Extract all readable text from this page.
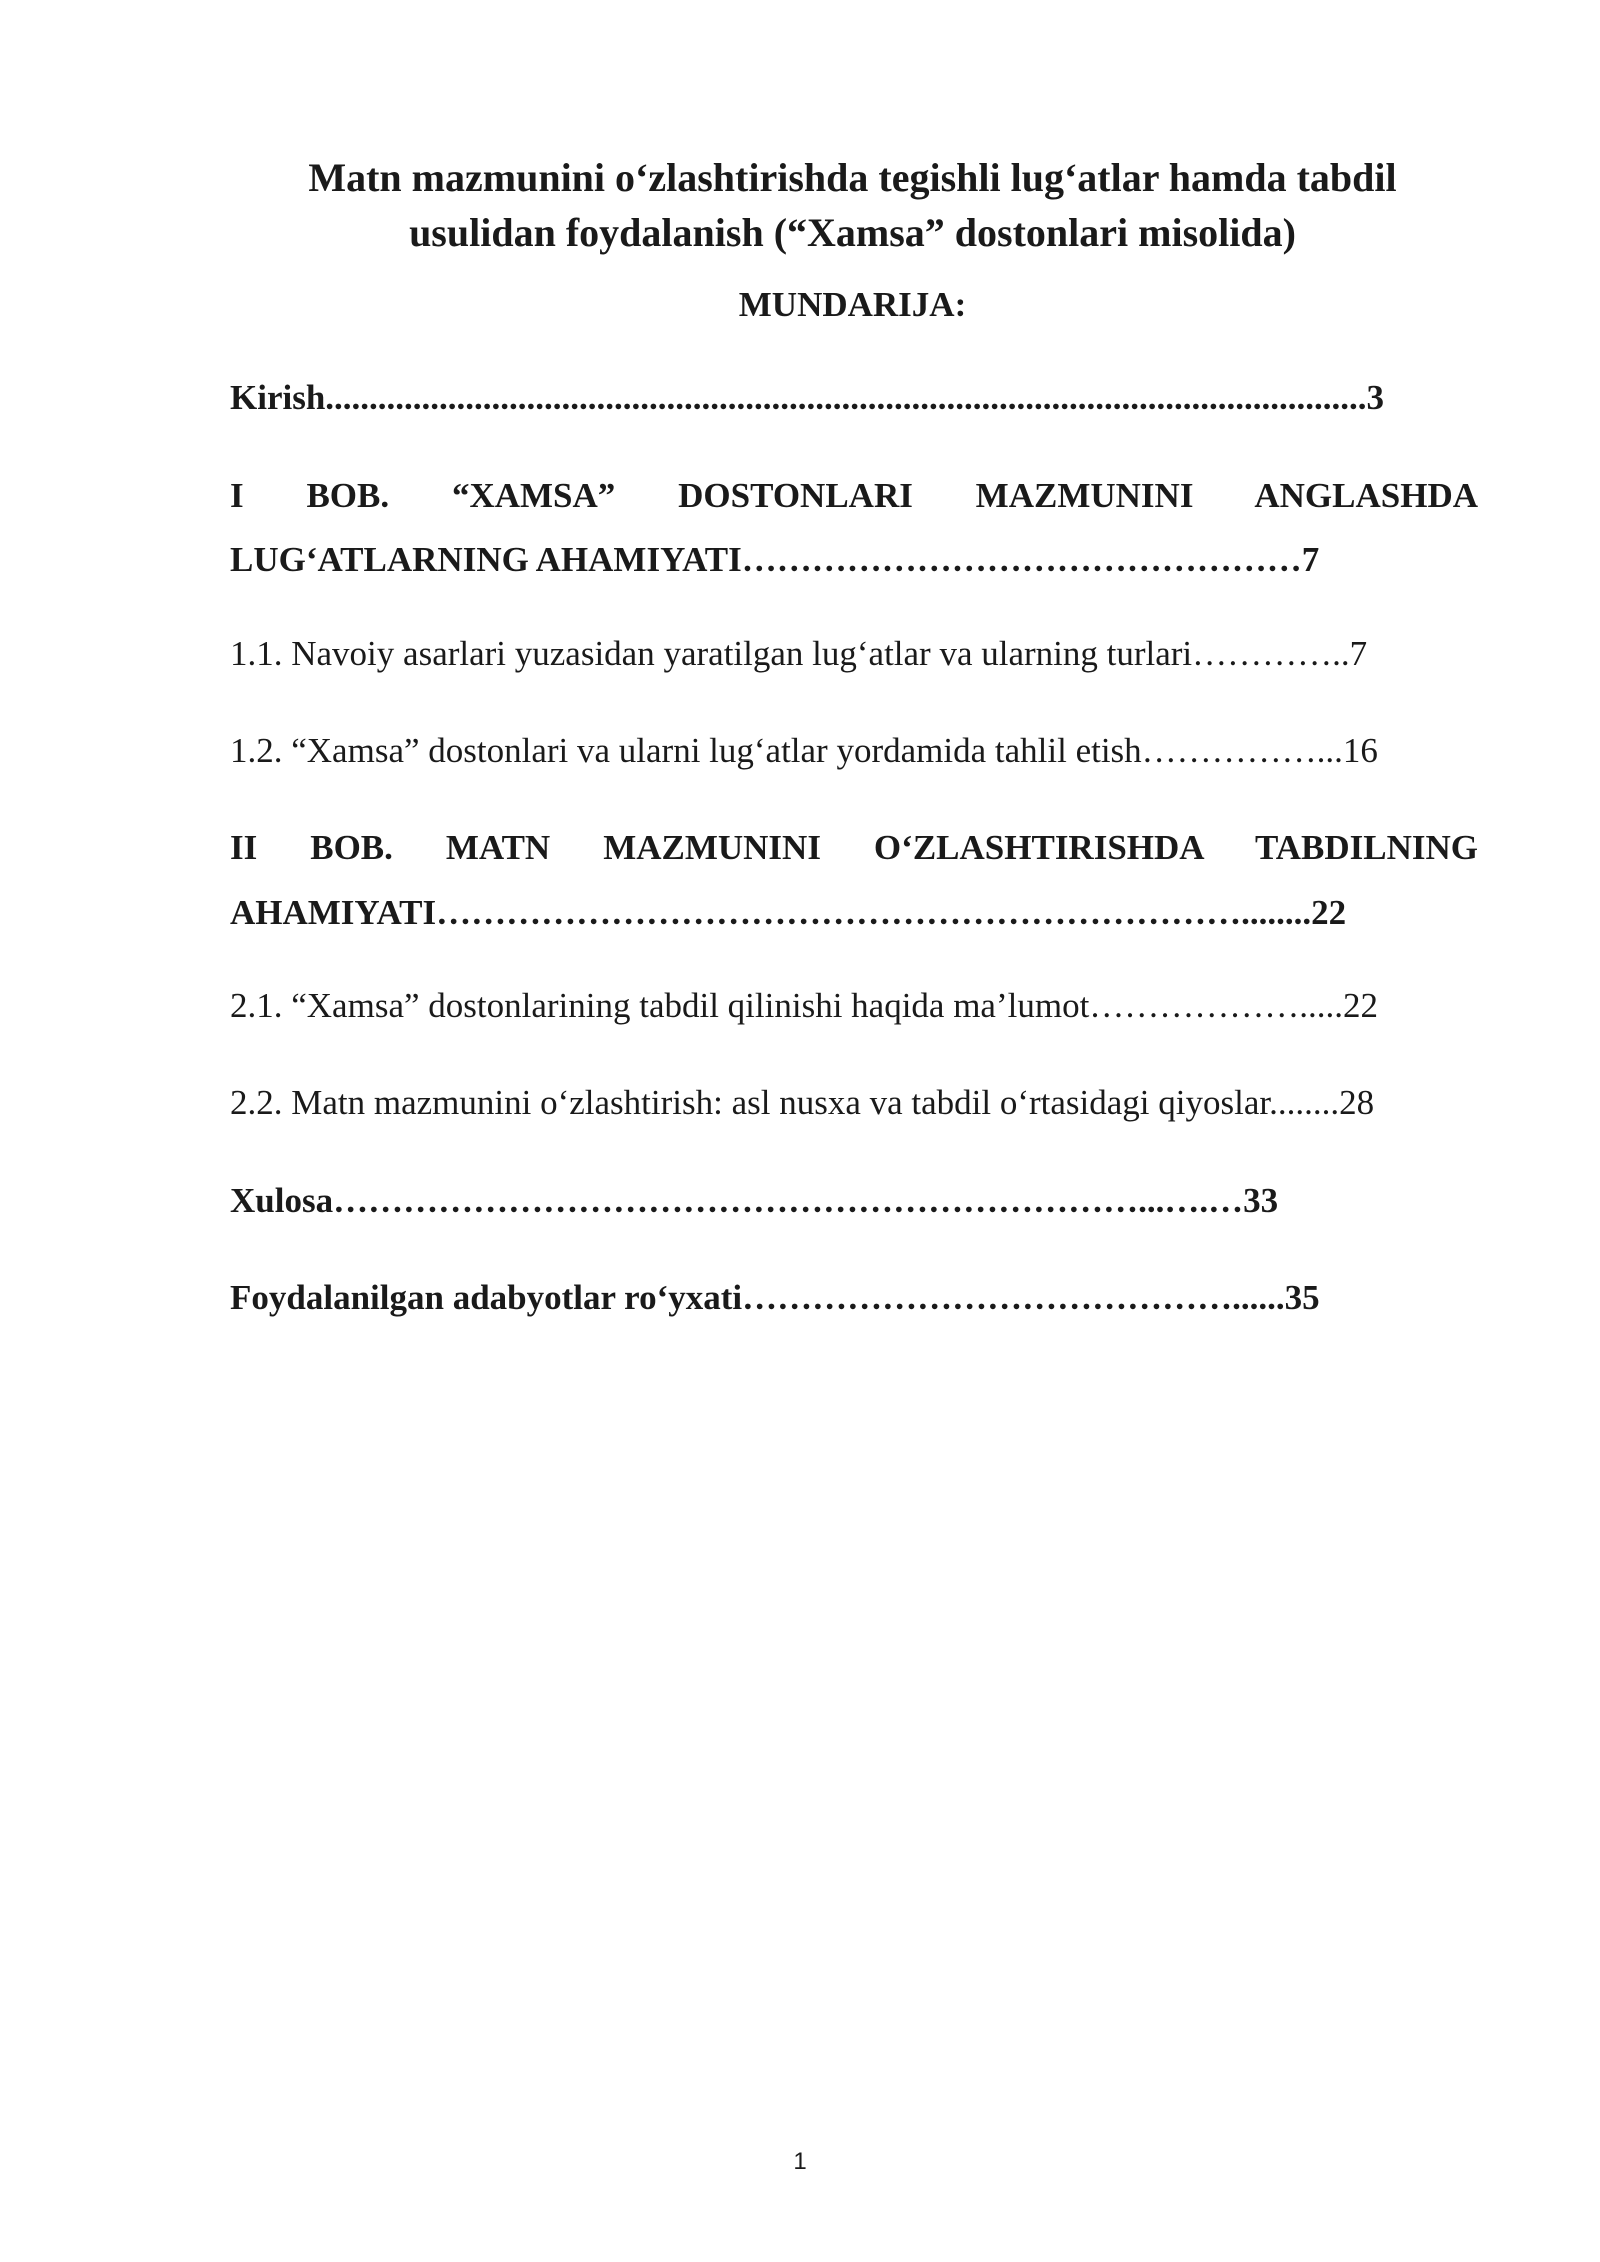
Matn mazmunini o‘zlashtirishda tegishli lug‘atlar hamda tabdil
usulidan foydalanish (“Xamsa” dostonlari misolida)
MUNDARIJA:
Kirish.......................................................................................................................3
I BOB. “XAMSA” DOSTONLARI MAZMUNINI ANGLASHDA
LUG‘ATLARNING AHAMIYATI…………………………………………7
1.1. Navoiy asarlari yuzasidan yaratilgan lug‘atlar va ularning turlari…………..7
1.2. “Xamsa” dostonlari va ularni lug‘atlar yordamida tahlil etish……………...16
II BOB. MATN MAZMUNINI O‘ZLASHTIRISHDA TABDILNING
AHAMIYATI……………………………………………………………........22
2.1. “Xamsa” dostonlarining tabdil qilinishi haqida ma’lumot……………….....22
2.2. Matn mazmunini o‘zlashtirish: asl nusxa va tabdil o‘rtasidagi qiyoslar........28
Xulosa……………………………………………………………...….…33
Foydalanilgan adabyotlar ro‘yxati……………………………………......35
1
